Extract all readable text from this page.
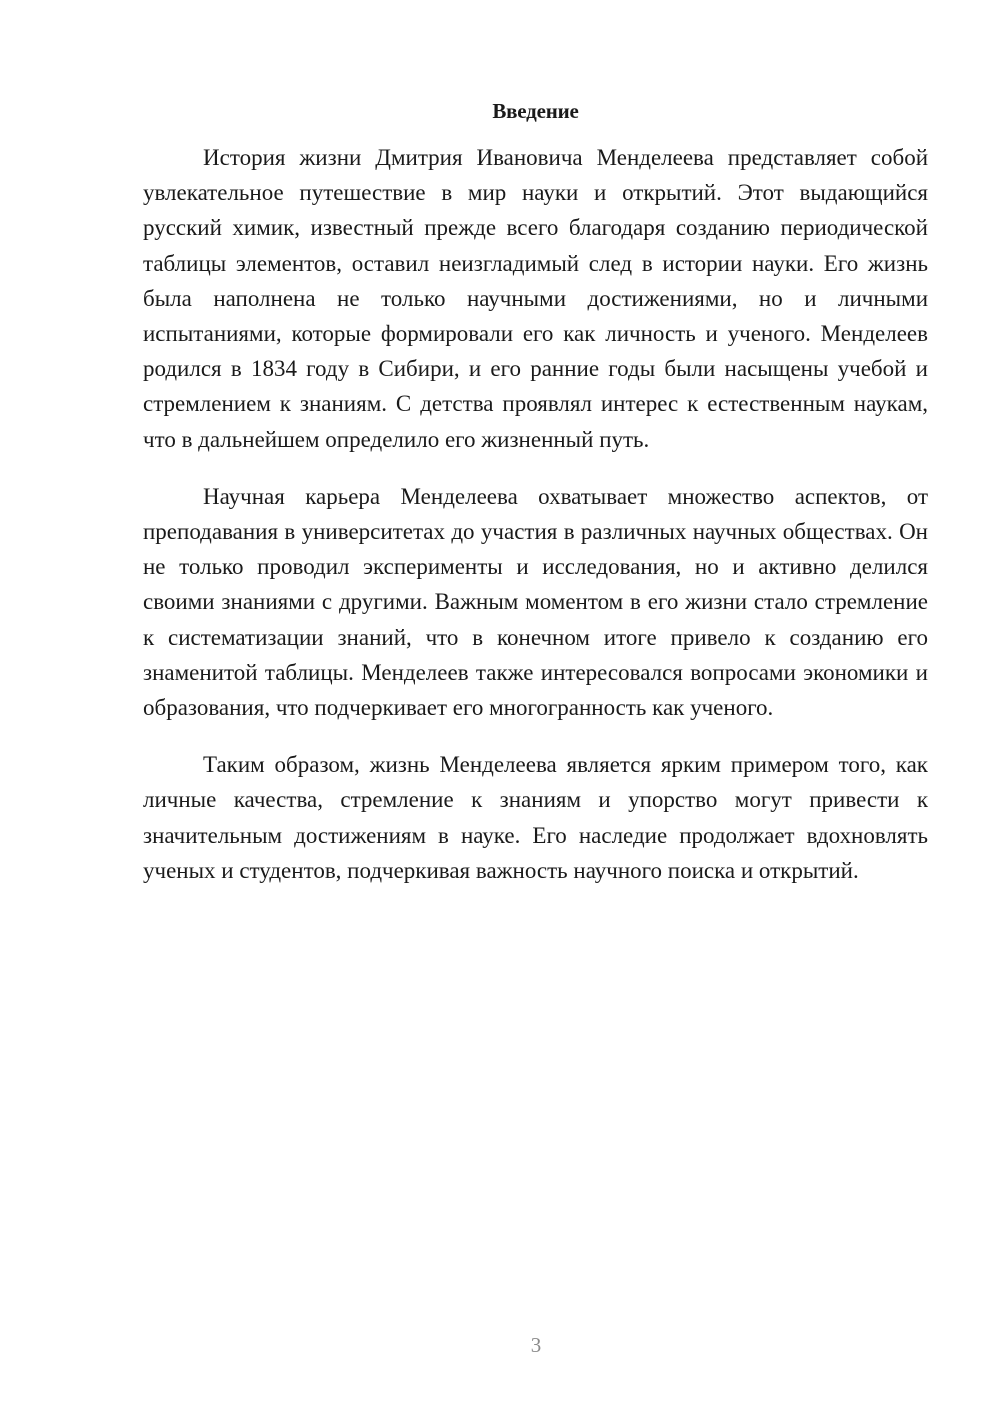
Введение

История жизни Дмитрия Ивановича Менделеева представляет собой увлекательное путешествие в мир науки и открытий. Этот выдающийся русский химик, известный прежде всего благодаря созданию периодической таблицы элементов, оставил неизгладимый след в истории науки. Его жизнь была наполнена не только научными достижениями, но и личными испытаниями, которые формировали его как личность и ученого. Менделеев родился в 1834 году в Сибири, и его ранние годы были насыщены учебой и стремлением к знаниям. С детства проявлял интерес к естественным наукам, что в дальнейшем определило его жизненный путь.

Научная карьера Менделеева охватывает множество аспектов, от преподавания в университетах до участия в различных научных обществах. Он не только проводил эксперименты и исследования, но и активно делился своими знаниями с другими. Важным моментом в его жизни стало стремление к систематизации знаний, что в конечном итоге привело к созданию его знаменитой таблицы. Менделеев также интересовался вопросами экономики и образования, что подчеркивает его многогранность как ученого.

Таким образом, жизнь Менделеева является ярким примером того, как личные качества, стремление к знаниям и упорство могут привести к значительным достижениям в науке. Его наследие продолжает вдохновлять ученых и студентов, подчеркивая важность научного поиска и открытий.

3
